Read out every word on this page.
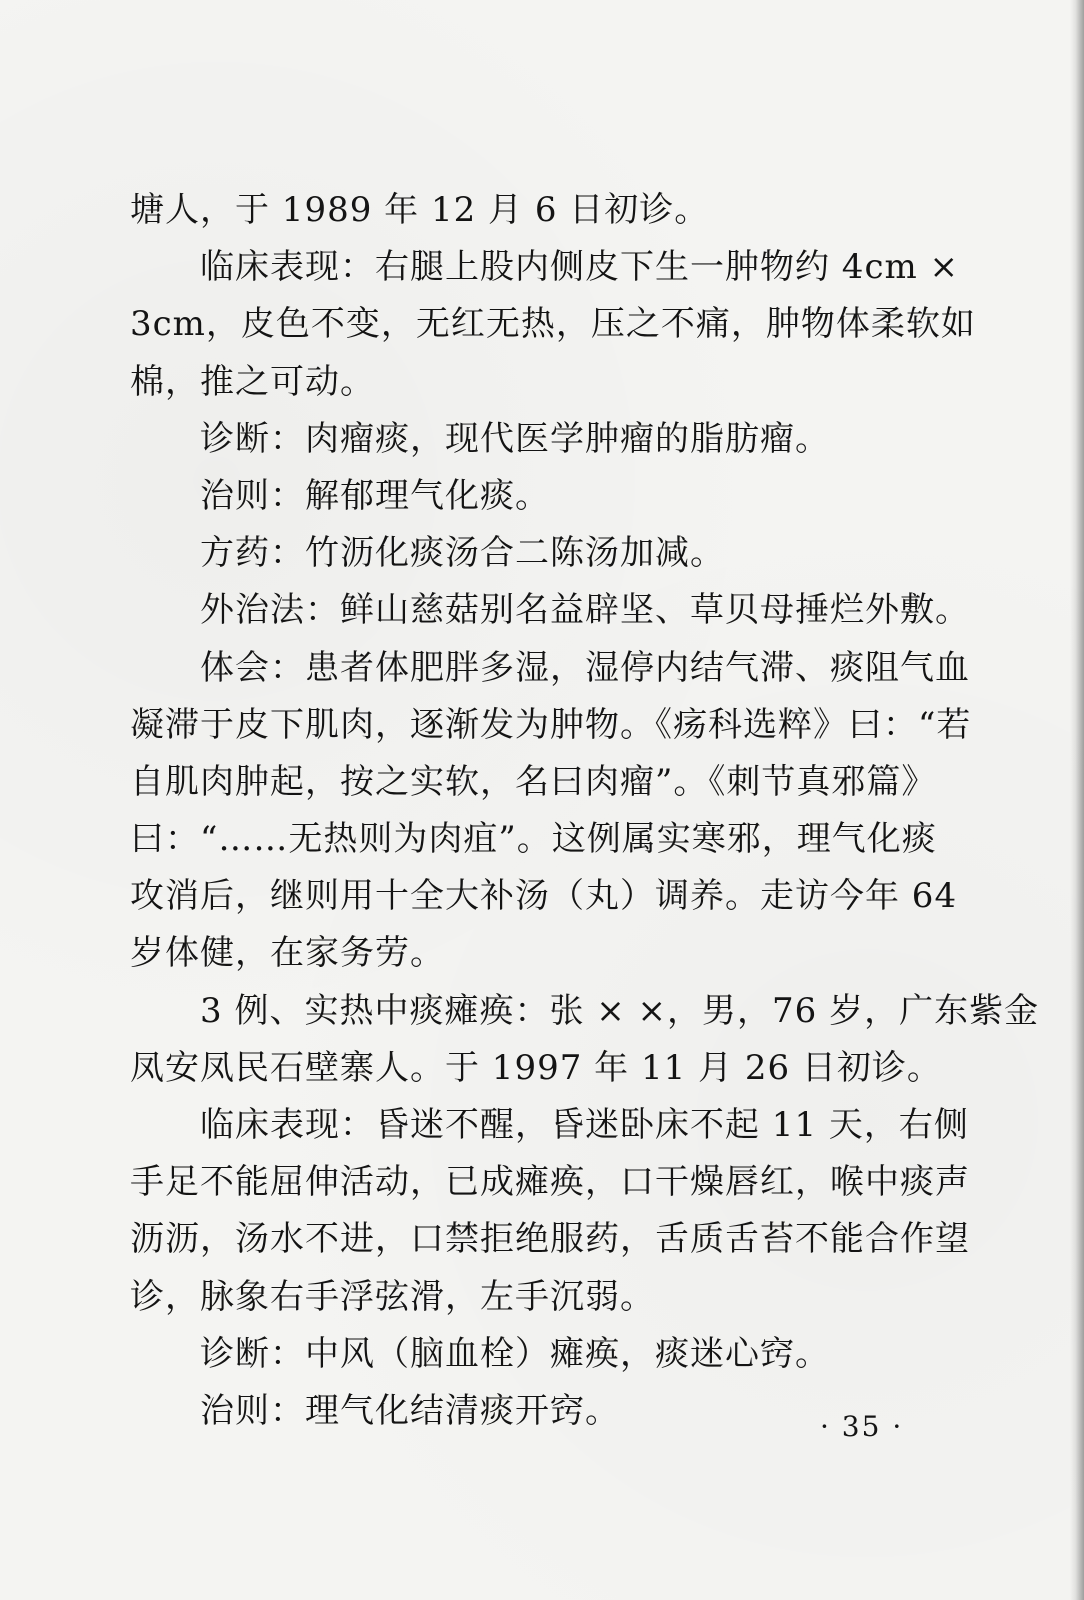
塘人，于 1989 年 12 月 6 日初诊。
临床表现：右腿上股内侧皮下生一肿物约 4cm ×
3cm，皮色不变，无红无热，压之不痛，肿物体柔软如
棉，推之可动。
诊断：肉瘤痰，现代医学肿瘤的脂肪瘤。
治则：解郁理气化痰。
方药：竹沥化痰汤合二陈汤加减。
外治法：鲜山慈菇别名益辟坚、草贝母捶烂外敷。
体会：患者体肥胖多湿，湿停内结气滞、痰阻气血
凝滞于皮下肌肉，逐渐发为肿物。《疡科选粹》曰：“若
自肌肉肿起，按之实软，名曰肉瘤”。《刺节真邪篇》
曰：“……无热则为肉疽”。这例属实寒邪，理气化痰
攻消后，继则用十全大补汤（丸）调养。走访今年 64
岁体健，在家务劳。
3 例、实热中痰瘫痪：张 × ×，男，76 岁，广东紫金
凤安凤民石壁寨人。于 1997 年 11 月 26 日初诊。
临床表现：昏迷不醒，昏迷卧床不起 11 天，右侧
手足不能屈伸活动，已成瘫痪，口干燥唇红，喉中痰声
沥沥，汤水不进，口禁拒绝服药，舌质舌苔不能合作望
诊，脉象右手浮弦滑，左手沉弱。
诊断：中风（脑血栓）瘫痪，痰迷心窍。
治则：理气化结清痰开窍。	· 35 ·
